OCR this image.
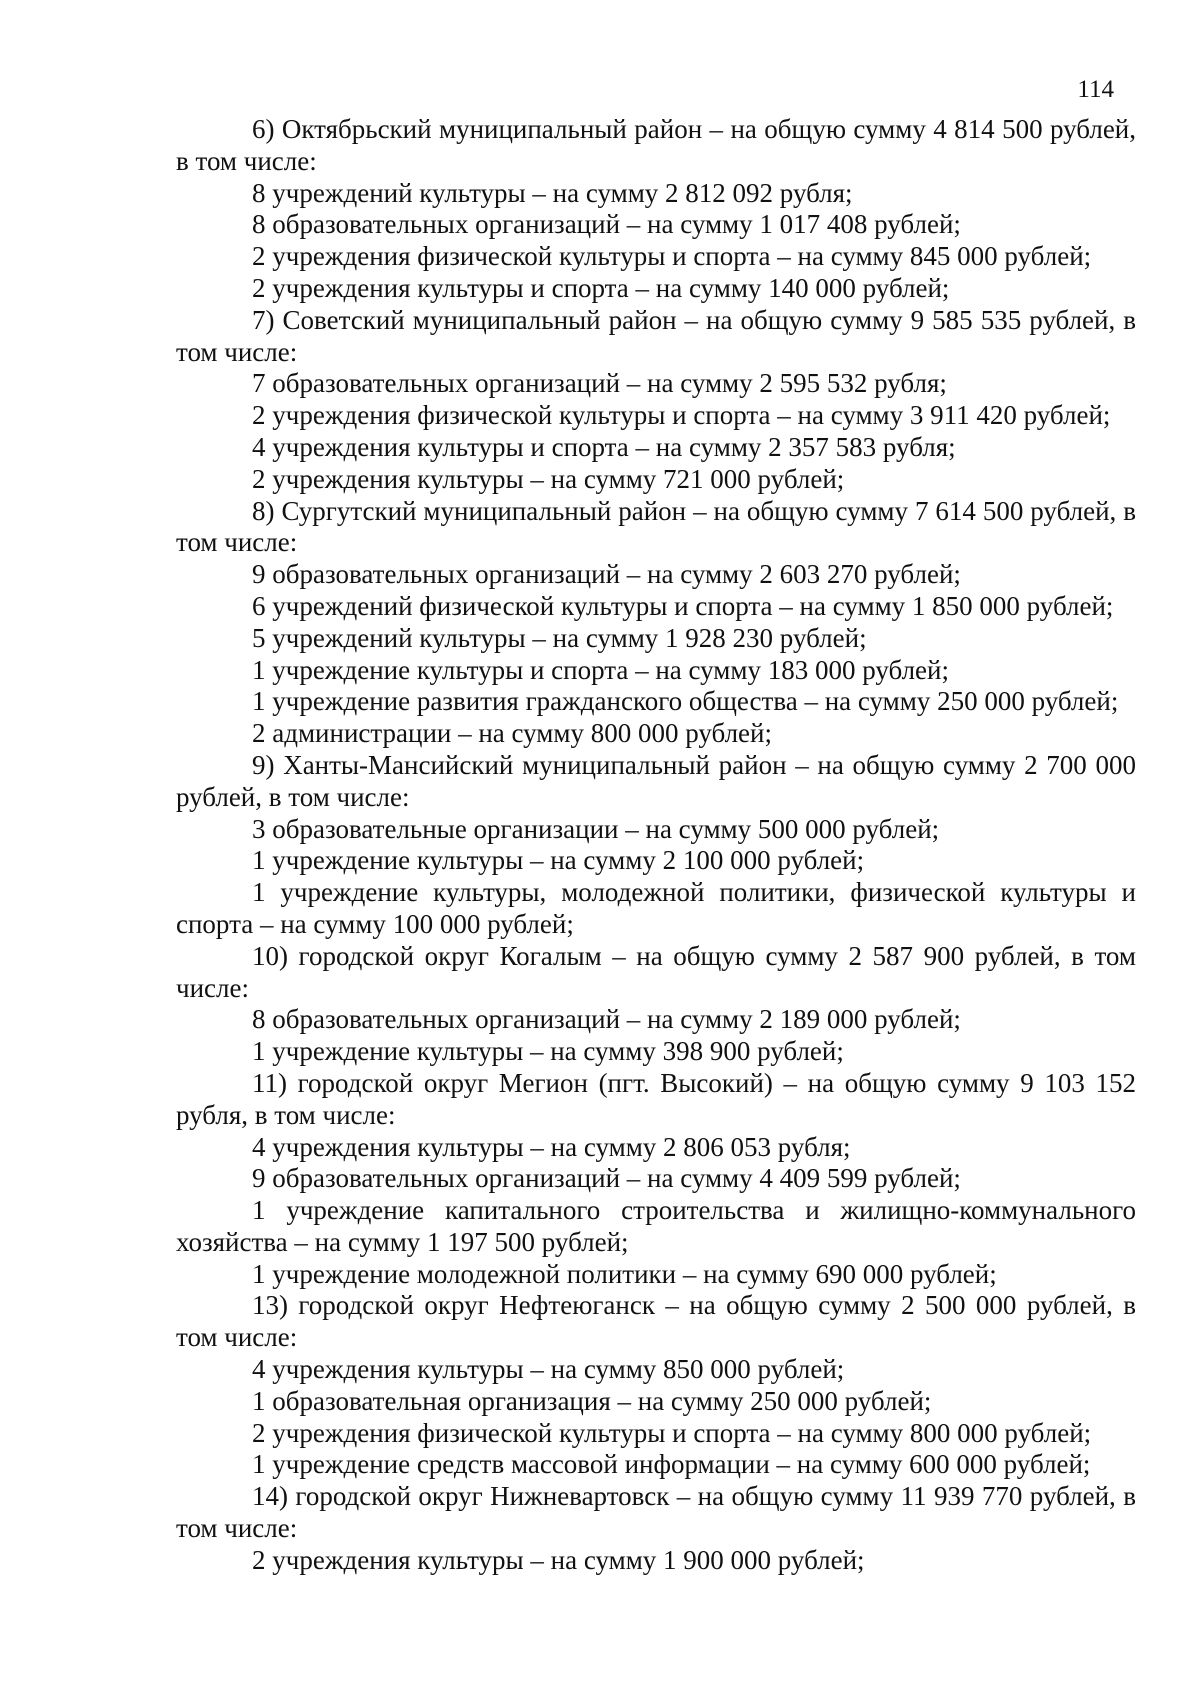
114

6) Октябрьский муниципальный район – на общую сумму 4 814 500 рублей, в том числе:

8 учреждений культуры – на сумму 2 812 092 рубля;

8 образовательных организаций – на сумму 1 017 408 рублей;

2 учреждения физической культуры и спорта – на сумму 845 000 рублей;

2 учреждения культуры и спорта – на сумму 140 000 рублей;

7) Советский муниципальный район – на общую сумму 9 585 535 рублей, в том числе:

7 образовательных организаций – на сумму 2 595 532 рубля;

2 учреждения физической культуры и спорта – на сумму 3 911 420 рублей;

4 учреждения культуры и спорта – на сумму 2 357 583 рубля;

2 учреждения культуры – на сумму 721 000 рублей;

8) Сургутский муниципальный район – на общую сумму 7 614 500 рублей, в том числе:

9 образовательных организаций – на сумму 2 603 270 рублей;

6 учреждений физической культуры и спорта – на сумму 1 850 000 рублей;

5 учреждений культуры – на сумму 1 928 230 рублей;

1 учреждение культуры и спорта – на сумму 183 000 рублей;

1 учреждение развития гражданского общества – на сумму 250 000 рублей;

2 администрации – на сумму 800 000 рублей;

9) Ханты-Мансийский муниципальный район – на общую сумму 2 700 000 рублей, в том числе:

3 образовательные организации – на сумму 500 000 рублей;

1 учреждение культуры – на сумму 2 100 000 рублей;

1 учреждение культуры, молодежной политики, физической культуры и спорта – на сумму 100 000 рублей;

10) городской округ Когалым – на общую сумму 2 587 900 рублей, в том числе:

8 образовательных организаций – на сумму 2 189 000 рублей;

1 учреждение культуры – на сумму 398 900 рублей;

11) городской округ Мегион (пгт. Высокий) – на общую сумму 9 103 152 рубля, в том числе:

4 учреждения культуры – на сумму 2 806 053 рубля;

9 образовательных организаций – на сумму 4 409 599 рублей;

1 учреждение капитального строительства и жилищно-коммунального хозяйства – на сумму 1 197 500 рублей;

1 учреждение молодежной политики – на сумму 690 000 рублей;

13) городской округ Нефтеюганск – на общую сумму 2 500 000 рублей, в том числе:

4 учреждения культуры – на сумму 850 000 рублей;

1 образовательная организация – на сумму 250 000 рублей;

2 учреждения физической культуры и спорта – на сумму 800 000 рублей;

1 учреждение средств массовой информации – на сумму 600 000 рублей;

14) городской округ Нижневартовск – на общую сумму 11 939 770 рублей, в том числе:

2 учреждения культуры – на сумму 1 900 000 рублей;
